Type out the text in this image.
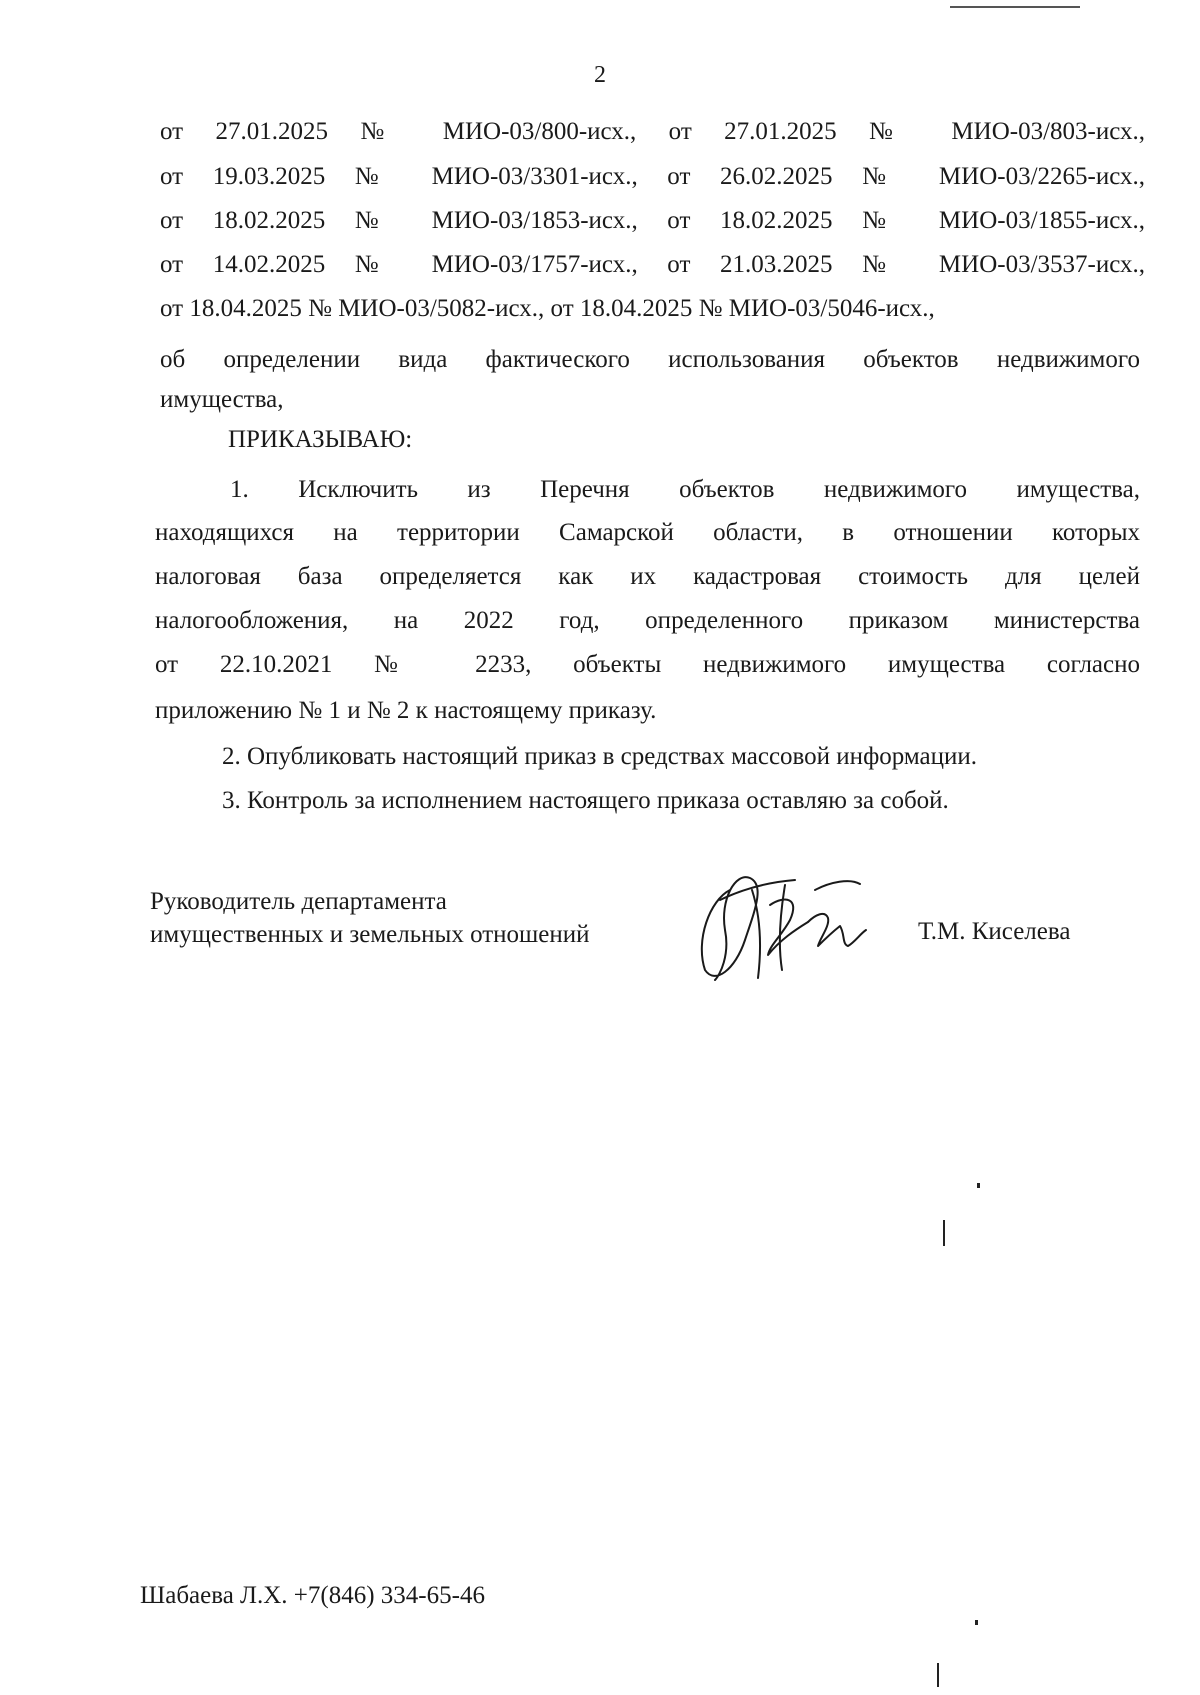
2
от 27.01.2025 № МИО-03/800-исх., от 27.01.2025 № МИО-03/803-исх.,
от 19.03.2025 № МИО-03/3301-исх., от 26.02.2025 № МИО-03/2265-исх.,
от 18.02.2025 № МИО-03/1853-исх., от 18.02.2025 № МИО-03/1855-исх.,
от 14.02.2025 № МИО-03/1757-исх., от 21.03.2025 № МИО-03/3537-исх.,
от 18.04.2025 № МИО-03/5082-исх., от 18.04.2025 № МИО-03/5046-исх.,
об определении вида фактического использования объектов недвижимого
имущества,
ПРИКАЗЫВАЮ:
1. Исключить из Перечня объектов недвижимого имущества,
находящихся на территории Самарской области, в отношении которых
налоговая база определяется как их кадастровая стоимость для целей
налогообложения, на 2022 год, определенного приказом министерства
от 22.10.2021 № 2233, объекты недвижимого имущества согласно
приложению № 1 и № 2 к настоящему приказу.
2. Опубликовать настоящий приказ в средствах массовой информации.
3. Контроль за исполнением настоящего приказа оставляю за собой.
Руководитель департамента
имущественных и земельных отношений	Т.М. Киселева
Шабаева Л.Х. +7(846) 334-65-46
